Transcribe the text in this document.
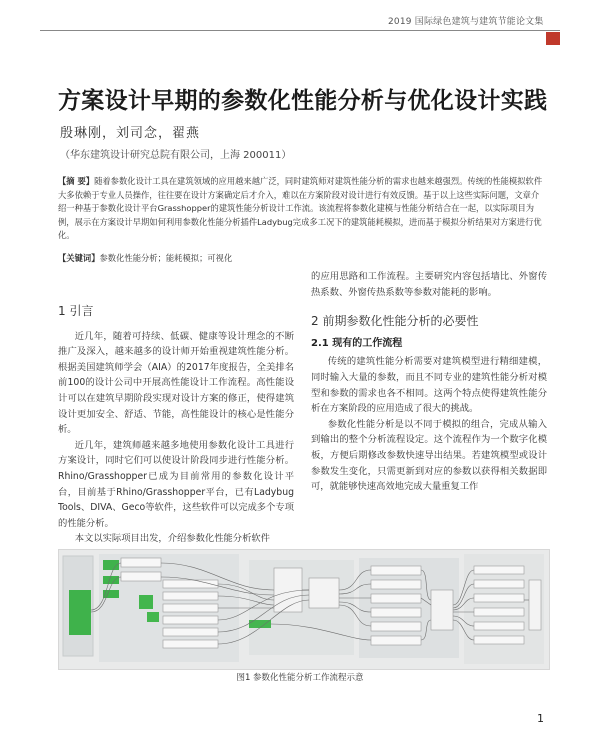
2019 国际绿色建筑与建筑节能论文集
方案设计早期的参数化性能分析与优化设计实践
殷琳刚，刘司念，翟燕
（华东建筑设计研究总院有限公司，上海 200011）

【摘 要】随着参数化设计工具在建筑领域的应用越来越广泛，同时建筑师对建筑性能分析的需求也越来越强烈。传统的性能模拟软件大多依赖于专业人员操作，往往要在设计方案确定后才介入，难以在方案阶段对设计进行有效反馈。基于以上这些实际问题，文章介绍一种基于参数化设计平台Grasshopper的建筑性能分析设计工作流。该流程将参数化建模与性能分析结合在一起，以实际项目为例，展示在方案设计早期如何利用参数化性能分析插件Ladybug完成多工况下的建筑能耗模拟，进而基于模拟分析结果对方案进行优化。

【关键词】参数化性能分析；能耗模拟；可视化
1 引言

近几年，随着可持续、低碳、健康等设计理念的不断推广及深入，越来越多的设计师开始重视建筑性能分析。根据美国建筑师学会（AIA）的2017年度报告，全美排名前100的设计公司中开展高性能设计工作流程。高性能设计可以在建筑早期阶段实现对设计方案的修正，使得建筑设计更加安全、舒适、节能，高性能设计的核心是性能分析。

近几年，建筑师越来越多地使用参数化设计工具进行方案设计，同时它们可以使设计阶段同步进行性能分析。Rhino/Grasshopper已成为目前常用的参数化设计平台，目前基于Rhino/Grasshopper平台，已有Ladybug Tools、DIVA、Geco等软件，这些软件可以完成多个专项的性能分析。

本文以实际项目出发，介绍参数化性能分析软件

的应用思路和工作流程。主要研究内容包括墙比、外窗传热系数、外窗传热系数等参数对能耗的影响。

2 前期参数化性能分析的必要性
2.1 现有的工作流程

传统的建筑性能分析需要对建筑模型进行精细建模，同时输入大量的参数，而且不同专业的建筑性能分析对模型和参数的需求也各不相同。这两个特点使得建筑性能分析在方案阶段的应用造成了很大的挑战。

参数化性能分析是以不同于模拟的组合，完成从输入到输出的整个分析流程设定。这个流程作为一个数字化模板，方便后期修改参数快速导出结果。若建筑模型或设计参数发生变化，只需更新到对应的参数以获得相关数据即可，就能够快速高效地完成大量重复工作

图1 参数化性能分析工作流程示意
1
